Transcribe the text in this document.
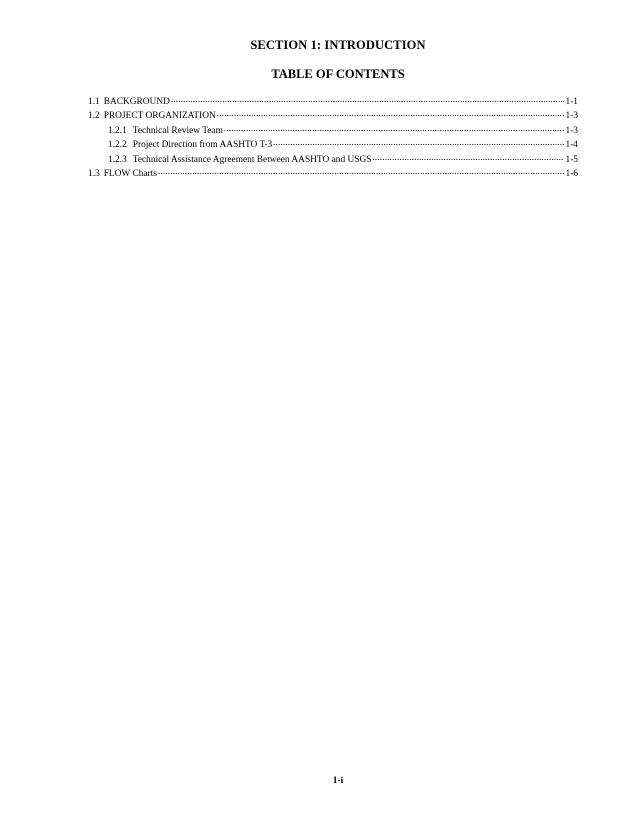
SECTION 1: INTRODUCTION
TABLE OF CONTENTS
1.1 BACKGROUND .....	1-1
1.2 PROJECT ORGANIZATION .....	1-3
1.2.1 Technical Review Team .....	1-3
1.2.2 Project Direction from AASHTO T-3 .....	1-4
1.2.3 Technical Assistance Agreement Between AASHTO and USGS .....	1-5
1.3 FLOW Charts .....	1-6
1-i
